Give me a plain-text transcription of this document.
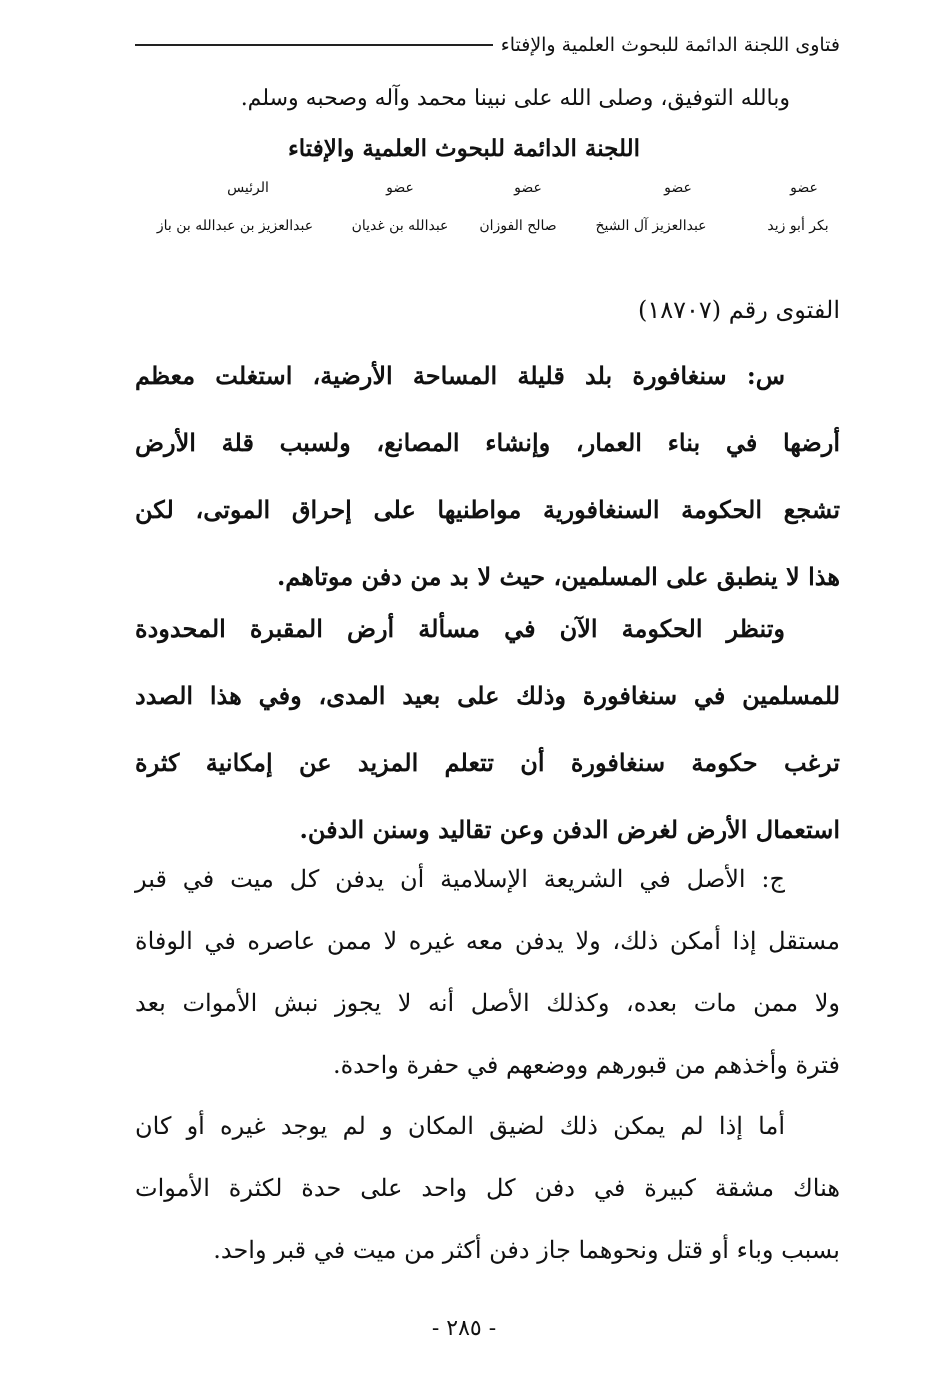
فتاوى اللجنة الدائمة للبحوث العلمية والإفتاء
وبالله التوفيق، وصلى الله على نبينا محمد وآله وصحبه وسلم.
اللجنة الدائمة للبحوث العلمية والإفتاء
عضو
بكر أبو زيد
عضو
عبدالعزيز آل الشيخ
عضو
صالح الفوزان
عضو
عبدالله بن غديان
الرئيس
عبدالعزيز بن عبدالله بن باز
الفتوى رقم (١٨٧٠٧)
س: سنغافورة بلد قليلة المساحة الأرضية، استغلت معظم
أرضها في بناء العمار، وإنشاء المصانع، ولسبب قلة الأرض
تشجع الحكومة السنغافورية مواطنيها على إحراق الموتى، لكن
هذا لا ينطبق على المسلمين، حيث لا بد من دفن موتاهم.
وتنظر الحكومة الآن في مسألة أرض المقبرة المحدودة
للمسلمين في سنغافورة وذلك على بعيد المدى، وفي هذا الصدد
ترغب حكومة سنغافورة أن تتعلم المزيد عن إمكانية كثرة
استعمال الأرض لغرض الدفن وعن تقاليد وسنن الدفن.
ج: الأصل في الشريعة الإسلامية أن يدفن كل ميت في قبر
مستقل إذا أمكن ذلك، ولا يدفن معه غيره لا ممن عاصره في الوفاة
ولا ممن مات بعده، وكذلك الأصل أنه لا يجوز نبش الأموات بعد
فترة وأخذهم من قبورهم ووضعهم في حفرة واحدة.
أما إذا لم يمكن ذلك لضيق المكان و لم يوجد غيره أو كان
هناك مشقة كبيرة في دفن كل واحد على حدة لكثرة الأموات
بسبب وباء أو قتل ونحوهما جاز دفن أكثر من ميت في قبر واحد.
- ٢٨٥ -
